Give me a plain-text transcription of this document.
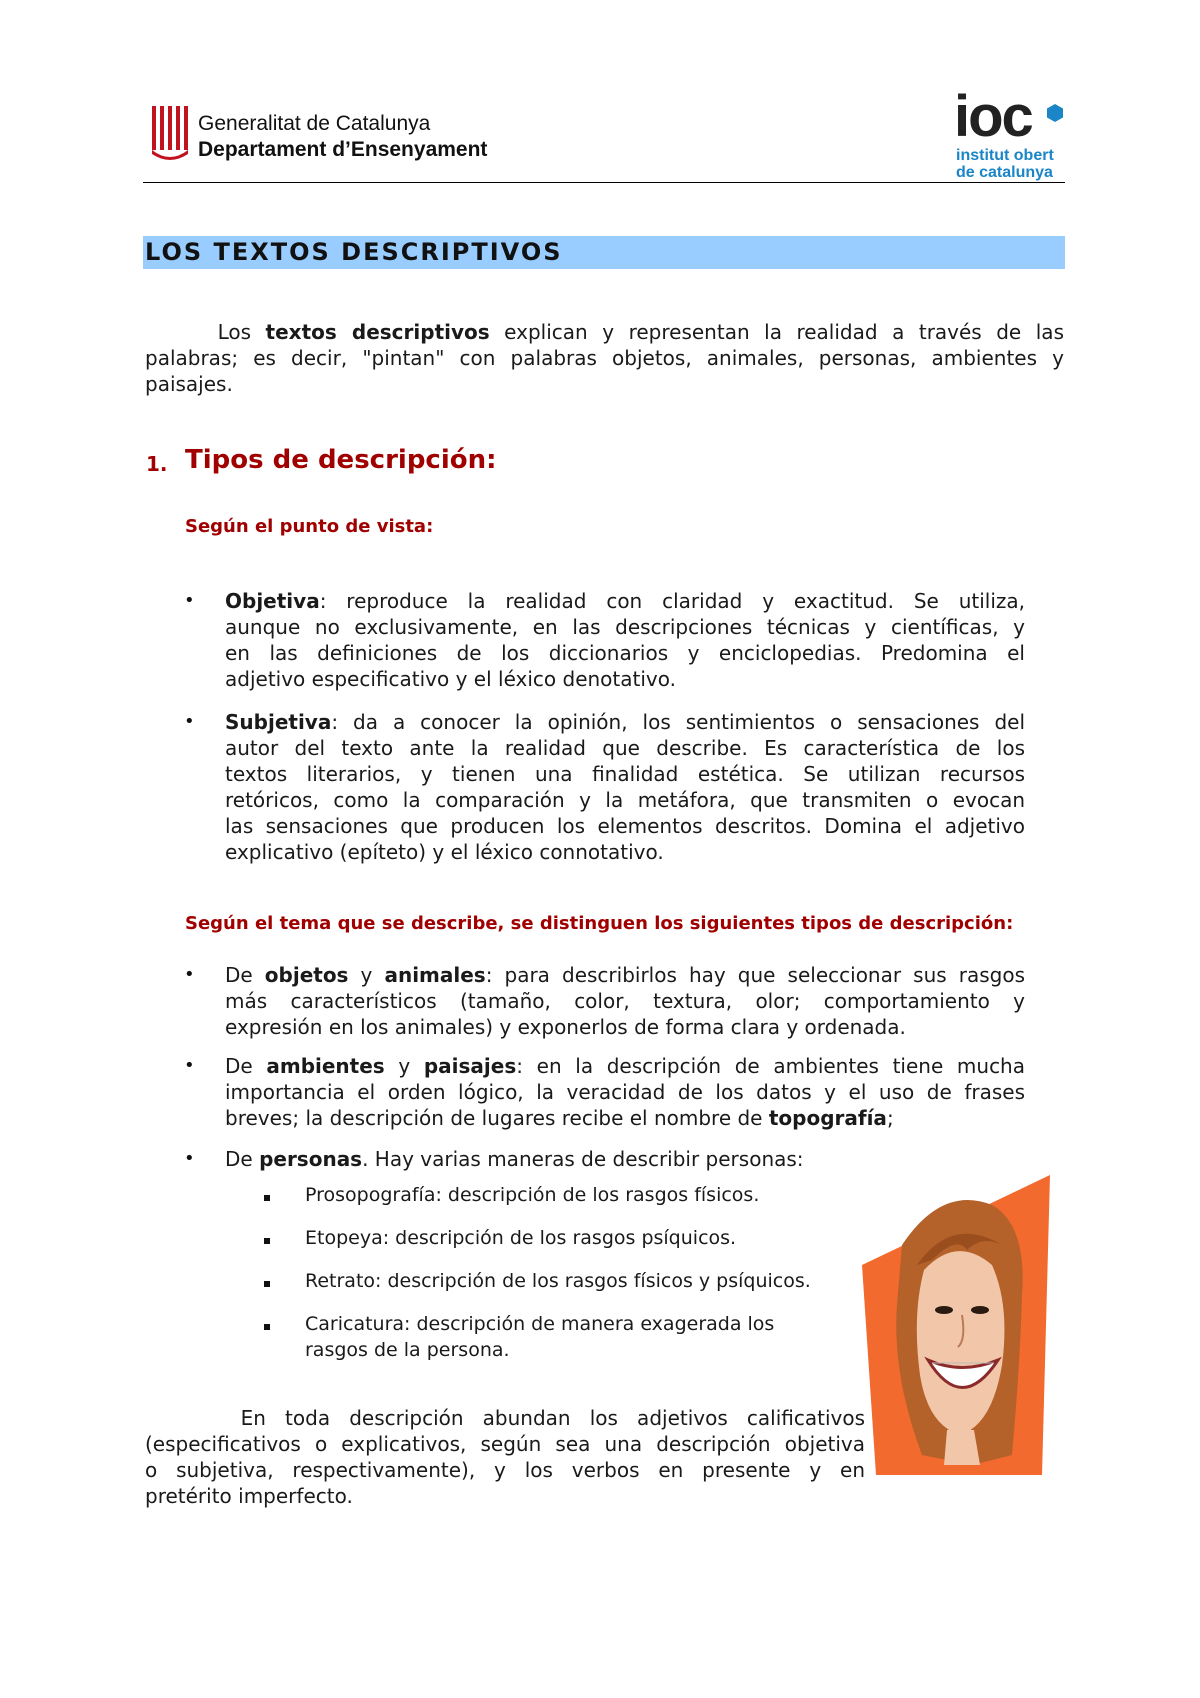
Generalitat de Catalunya
Departament d’Ensenyament
ioc
institut obert
de catalunya
LOS TEXTOS DESCRIPTIVOS
Los textos descriptivos explican y representan la realidad a través de las
palabras; es decir, "pintan" con palabras objetos, animales, personas, ambientes y
paisajes.
1. Tipos de descripción:
Según el punto de vista:
• Objetiva: reproduce la realidad con claridad y exactitud. Se utiliza,
aunque no exclusivamente, en las descripciones técnicas y científicas, y
en las definiciones de los diccionarios y enciclopedias. Predomina el
adjetivo especificativo y el léxico denotativo.
• Subjetiva: da a conocer la opinión, los sentimientos o sensaciones del
autor del texto ante la realidad que describe. Es característica de los
textos literarios, y tienen una finalidad estética. Se utilizan recursos
retóricos, como la comparación y la metáfora, que transmiten o evocan
las sensaciones que producen los elementos descritos. Domina el adjetivo
explicativo (epíteto) y el léxico connotativo.
Según el tema que se describe, se distinguen los siguientes tipos de descripción:
• De objetos y animales: para describirlos hay que seleccionar sus rasgos
más característicos (tamaño, color, textura, olor; comportamiento y
expresión en los animales) y exponerlos de forma clara y ordenada.
• De ambientes y paisajes: en la descripción de ambientes tiene mucha
importancia el orden lógico, la veracidad de los datos y el uso de frases
breves; la descripción de lugares recibe el nombre de topografía;
• De personas. Hay varias maneras de describir personas:
Prosopografía: descripción de los rasgos físicos.
Etopeya: descripción de los rasgos psíquicos.
Retrato: descripción de los rasgos físicos y psíquicos.
Caricatura: descripción de manera exagerada los
rasgos de la persona.
En toda descripción abundan los adjetivos calificativos
(especificativos o explicativos, según sea una descripción objetiva
o subjetiva, respectivamente), y los verbos en presente y en
pretérito imperfecto.
